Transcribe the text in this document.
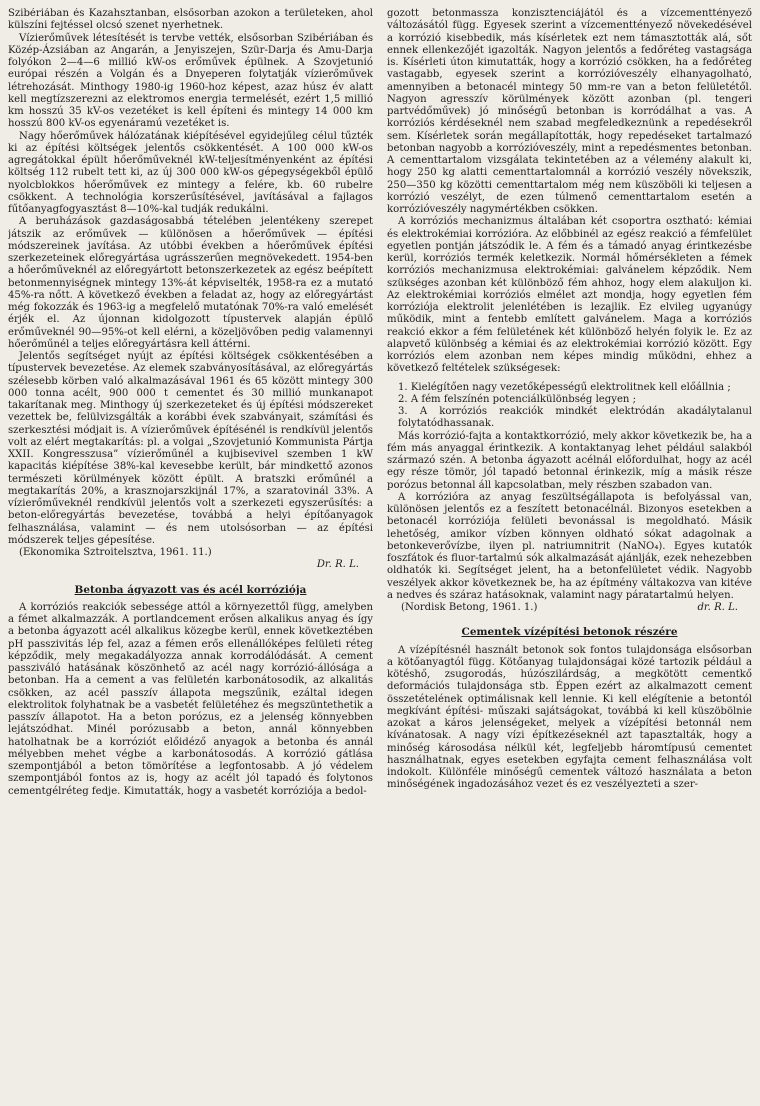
Szibériában és Kazahsztanban, elsősorban azokon a területeken, ahol külszíni fejtéssel olcsó szenet nyerhetnek.

Vízierőművek létesítését is tervbe vették, elsősorban Szibériában és Közép-Ázsiában az Angarán, a Jenyiszejen, Szür-Darja és Amu-Darja folyókon 2—4—6 millió kW-os erőművek épülnek. A Szovjetunió európai részén a Volgán és a Dnyeperen folytatják vízierőművek létrehozását. Minthogy 1980-ig 1960-hoz képest, azaz húsz év alatt kell megtízszerezni az elektromos energia termelését, ezért 1,5 millió km hosszú 35 kV-os vezetéket is kell építeni és mintegy 14 000 km hosszú 800 kV-os egyenáramú vezetéket is.

Nagy hőerőművek hálózatának kiépítésével egyidejűleg célul tűzték ki az építési költségek jelentős csökkentését. A 100 000 kW-os agregátokkal épült hőerőműveknél kW-teljesítményenként az építési költség 112 rubelt tett ki, az új 300 000 kW-os gépegységekből épülő nyolcblokkos hőerőművek ez mintegy a felére, kb. 60 rubelre csökkent. A technológia korszerűsítésével, javításával a fajlagos fűtőanyagfogyasztást 8—10%-kal tudják redukálni.

A beruházások gazdaságosabbá tételében jelentékeny szerepet játszik az erőművek — különösen a hőerőművek — építési módszereinek javítása. Az utóbbi években a hőerőművek építési szerkezeteinek előregyártása ugrásszerűen megnövekedett. 1954-ben a hőerőműveknél az előregyártott betonszerkezetek az egész beépített betonmennyiségnek mintegy 13%-át képviselték, 1958-ra ez a mutató 45%-ra nőtt. A következő években a feladat az, hogy az előregyártást még fokozzák és 1963-ig a megfelelő mutatónak 70%-ra való emelését érjék el. Az újonnan kidolgozott típustervek alapján épülő erőműveknél 90—95%-ot kell elérni, a közeljövőben pedig valamennyi hőerőműnél a teljes előregyártásra kell áttérni.

Jelentős segítséget nyújt az építési költségek csökkentésében a típustervek bevezetése. Az elemek szabványosításával, az előregyártás szélesebb körben való alkalmazásával 1961 és 65 között mintegy 300 000 tonna acélt, 900 000 t cementet és 30 millió munkanapot takarítanak meg. Minthogy új szerkezeteket és új építési módszereket vezettek be, felülvizsgálták a korábbi évek szabványait, számítási és szerkesztési módjait is. A vízierőművek építésénél is rendkívül jelentős volt az elért megtakarítás: pl. a volgai „Szovjetunió Kommunista Pártja XXII. Kongresszusa” vízierőműnél a kujbisevivel szemben 1 kW kapacitás kiépítése 38%-kal kevesebbe került, bár mindkettő azonos természeti körülmények között épült. A bratszki erőműnél a megtakarítás 20%, a krasznojarszkijnál 17%, a szaratovinál 33%. A vízierőműveknél rendkívül jelentős volt a szerkezeti egyszerűsítés: a beton-előregyártás bevezetése, továbbá a helyi építőanyagok felhasználása, valamint — és nem utolsósorban — az építési módszerek teljes gépesítése.

(Ekonomika Sztroitelsztva, 1961. 11.)

Dr. R. L.

Betonba ágyazott vas és acél korróziója

A korróziós reakciók sebessége attól a környezettől függ, amelyben a fémet alkalmazzák. A portlandcement erősen alkalikus anyag és így a betonba ágyazott acél alkalikus közegbe kerül, ennek következtében pH passzivitás lép fel, azaz a fémen erős ellenállóképes felületi réteg képződik, mely megakadályozza annak korrodálódását. A cement passziváló hatásának köszönhető az acél nagy korrózió-állósága a betonban. Ha a cement a vas felületén karbonátosodik, az alkalitás csökken, az acél passzív állapota megszűnik, ezáltal idegen elektrolitok folyhatnak be a vasbetét felületéhez és megszüntethetik a passzív állapotot. Ha a beton porózus, ez a jelenség könnyebben lejátszódhat. Minél porózusabb a beton, annál könnyebben hatolhatnak be a korróziót előidéző anyagok a betonba és annál mélyebben mehet végbe a karbonátosodás. A korrózió gátlása szempontjából a beton tömörítése a legfontosabb. A jó védelem szempontjából fontos az is, hogy az acélt jól tapadó és folytonos cementgélréteg fedje. Kimutatták, hogy a vasbetét korróziója a bedol-

gozott betonmassza konzisztenciájától és a vízcementtényező változásától függ. Egyesek szerint a vízcementtényező növekedésével a korrózió kisebbedik, más kísérletek ezt nem támasztották alá, sőt ennek ellenkezőjét igazolták. Nagyon jelentős a fedőréteg vastagsága is. Kísérleti úton kimutatták, hogy a korrózió csökken, ha a fedőréteg vastagabb, egyesek szerint a korrózióveszély elhanyagolható, amennyiben a betonacél mintegy 50 mm-re van a beton felületétől. Nagyon agresszív körülmények között azonban (pl. tengeri partvédőművek) jó minőségű betonban is korródálhat a vas. A korróziós kérdéseknél nem szabad megfeledkeznünk a repedésekről sem. Kísérletek során megállapították, hogy repedéseket tartalmazó betonban nagyobb a korrózióveszély, mint a repedésmentes betonban. A cementtartalom vizsgálata tekintetében az a vélemény alakult ki, hogy 250 kg alatti cementtartalomnál a korrózió veszély növekszik, 250—350 kg közötti cementtartalom még nem küszöböli ki teljesen a korrózió veszélyt, de ezen túlmenő cementtartalom esetén a korrózióveszély nagymértékben csökken.

A korróziós mechanizmus általában két csoportra osztható: kémiai és elektrokémiai korrózióra. Az előbbinél az egész reakció a fémfelület egyetlen pontján játszódik le. A fém és a támadó anyag érintkezésbe kerül, korróziós termék keletkezik. Normál hőmérsékleten a fémek korróziós mechanizmusa elektrokémiai: galvánelem képződik. Nem szükséges azonban két különböző fém ahhoz, hogy elem alakuljon ki. Az elektrokémiai korróziós elmélet azt mondja, hogy egyetlen fém korróziója elektrolit jelenlétében is lezajlik. Ez elvileg ugyanúgy működik, mint a fentebb említett galvánelem. Maga a korróziós reakció ekkor a fém felületének két különböző helyén folyik le. Ez az alapvető különbség a kémiai és az elektrokémiai korrózió között. Egy korróziós elem azonban nem képes mindig működni, ehhez a következő feltételek szükségesek:

1. Kielégítően nagy vezetőképességű elektrolitnek kell előállnia ;

2. A fém felszínén potenciálkülönbség legyen ;

3. A korróziós reakciók mindkét elektródán akadálytalanul folytatódhassanak.

Más korrózió-fajta a kontaktkorrózió, mely akkor következik be, ha a fém más anyaggal érintkezik. A kontaktanyag lehet például salakból származó szén. A betonba ágyazott acélnál előfordulhat, hogy az acél egy része tömör, jól tapadó betonnal érinkezik, míg a másik része porózus betonnal áll kapcsolatban, mely részben szabadon van.

A korrózióra az anyag feszültségállapota is befolyással van, különösen jelentős ez a feszített betonacélnál. Bizonyos esetekben a betonacél korróziója felületi bevonással is megoldható. Másik lehetőség, amikor vízben könnyen oldható sókat adagolnak a betonkeverővízbe, ilyen pl. natriumnitrit (NaNO₄). Egyes kutatók foszfátok és fluor-tartalmú sók alkalmazását ajánlják, ezek nehezebben oldhatók ki. Segítséget jelent, ha a betonfelületet védik. Nagyobb veszélyek akkor következnek be, ha az építmény váltakozva van kitéve a nedves és száraz hatásoknak, valamint nagy páratartalmú helyen.

(Nordisk Betong, 1961. 1.)	dr. R. L.
Cementek vízépítési betonok részére

A vízépítésnél használt betonok sok fontos tulajdonsága elsősorban a kötőanyagtól függ. Kötőanyag tulajdonságai közé tartozik például a kötéshő, zsugorodás, húzószilárdság, a megkötött cementkő deformációs tulajdonsága stb. Éppen ezért az alkalmazott cement összetételének optimálisnak kell lennie. Ki kell elégítenie a betontól megkívánt építési- műszaki sajátságokat, továbbá ki kell küszöbölnie azokat a káros jelenségeket, melyek a vízépítési betonnál nem kívánatosak. A nagy vízi építkezéseknél azt tapasztalták, hogy a minőség károsodása nélkül két, legfeljebb háromtípusú cementet használhatnak, egyes esetekben egyfajta cement felhasználása volt indokolt. Különféle minőségű cementek változó használata a beton minőségének ingadozásához vezet és ez veszélyezteti a szer-
